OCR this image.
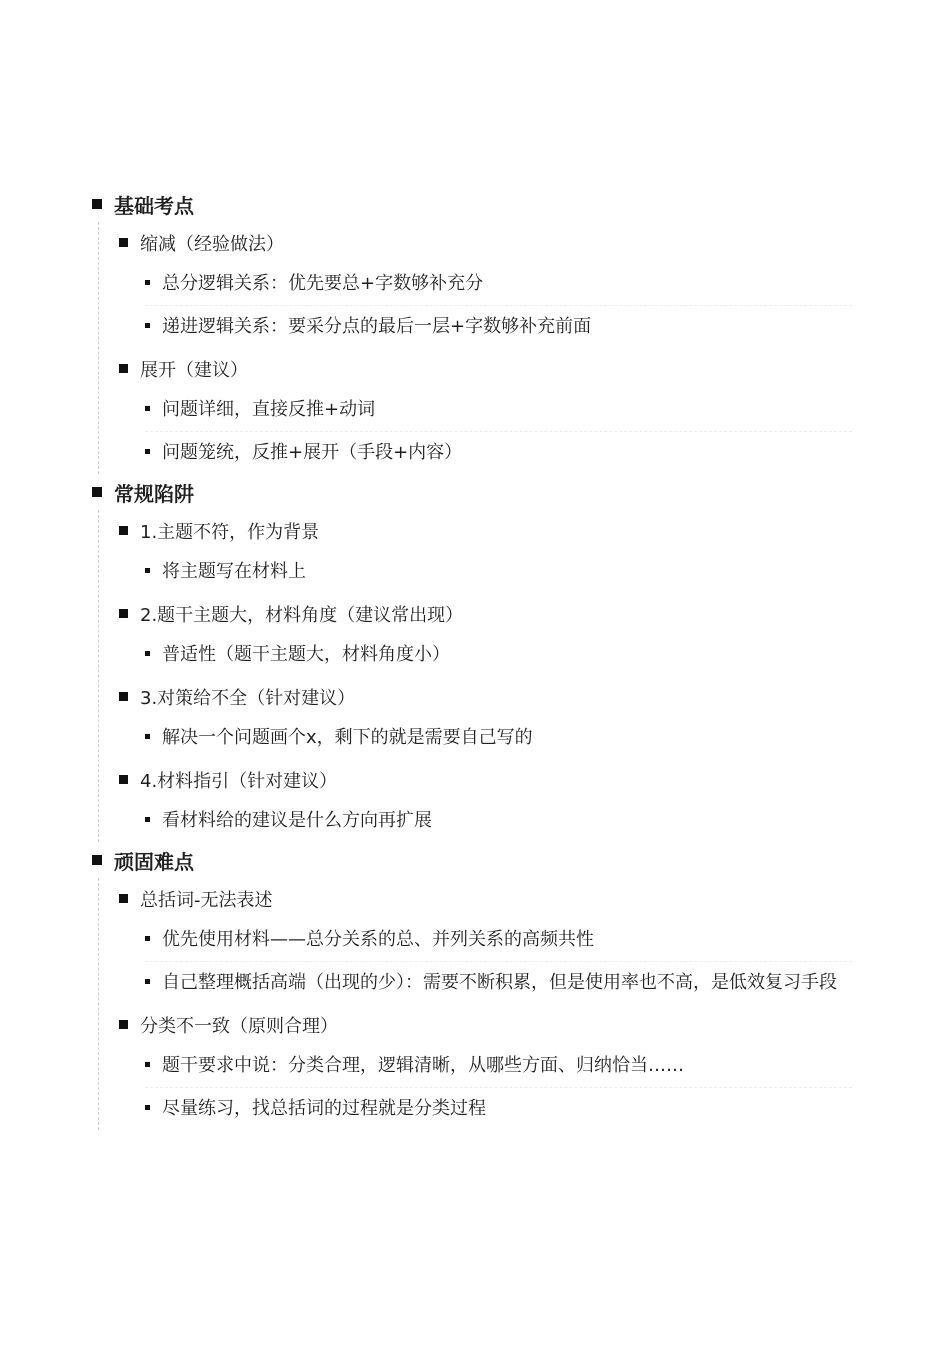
基础考点
缩减（经验做法）
总分逻辑关系：优先要总+字数够补充分
递进逻辑关系：要采分点的最后一层+字数够补充前面
展开（建议）
问题详细，直接反推+动词
问题笼统，反推+展开（手段+内容）
常规陷阱
1.主题不符，作为背景
将主题写在材料上
2.题干主题大，材料角度（建议常出现）
普适性（题干主题大，材料角度小）
3.对策给不全（针对建议）
解决一个问题画个x，剩下的就是需要自己写的
4.材料指引（针对建议）
看材料给的建议是什么方向再扩展
顽固难点
总括词-无法表述
优先使用材料——总分关系的总、并列关系的高频共性
自己整理概括高端（出现的少）：需要不断积累，但是使用率也不高，是低效复习手段
分类不一致（原则合理）
题干要求中说：分类合理，逻辑清晰，从哪些方面、归纳恰当……
尽量练习，找总括词的过程就是分类过程
